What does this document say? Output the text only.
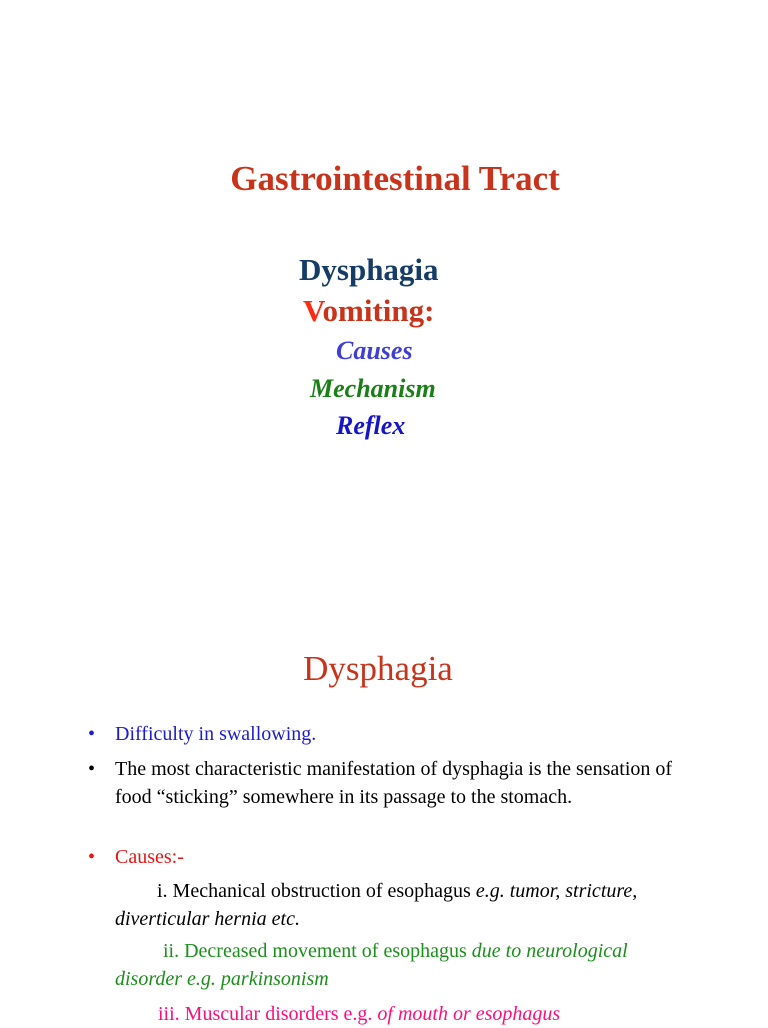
Gastrointestinal Tract
Dysphagia
Vomiting:
Causes
Mechanism
Reflex
Dysphagia
• Difficulty in swallowing.
• The most characteristic manifestation of dysphagia is the sensation of food “sticking” somewhere in its passage to the stomach.
• Causes:-
i. Mechanical obstruction of esophagus e.g. tumor, stricture, diverticular hernia etc.
ii. Decreased movement of esophagus due to neurological disorder e.g. parkinsonism
iii. Muscular disorders e.g. of mouth or esophagus
